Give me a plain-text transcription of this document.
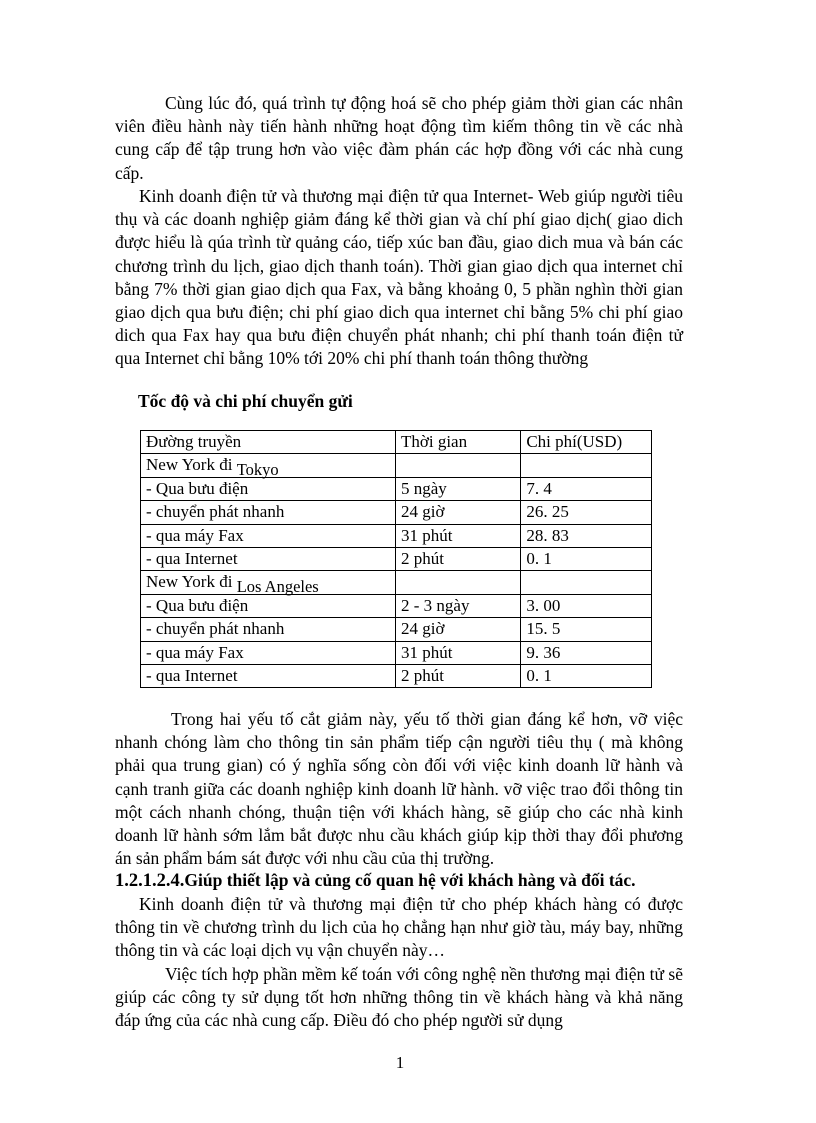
Cùng lúc đó, quá trình tự động hoá sẽ cho phép giảm thời gian các nhân viên điều hành này tiến hành những hoạt động tìm kiếm thông tin về các nhà cung cấp để tập trung hơn vào việc đàm phán các hợp đồng với các nhà cung cấp.

Kinh doanh điện tử và thương mại điện tử qua Internet- Web giúp người tiêu thụ và các doanh nghiệp giảm đáng kể thời gian và chí phí giao dịch( giao dich được hiểu là qúa trình từ quảng cáo, tiếp xúc ban đầu, giao dich mua và bán các chương trình du lịch, giao dịch thanh toán). Thời gian giao dịch qua internet chỉ bằng 7% thời gian giao dịch qua Fax, và bằng khoảng 0, 5 phần nghìn thời gian giao dịch qua bưu điện; chi phí giao dich qua internet chỉ bằng 5% chi phí giao dich qua Fax hay qua bưu điện chuyển phát nhanh; chi phí thanh toán điện tử qua Internet chỉ bằng 10% tới 20% chi phí thanh toán thông thường

Tốc độ và chi phí chuyển gửi

Đường truyền	Thời gian	Chi phí(USD)
New York đi Tokyo		
- Qua bưu điện	5 ngày	7. 4
- chuyển phát nhanh	24 giờ	26. 25
- qua máy Fax	31 phút	28. 83
- qua Internet	2 phút	0. 1
New York đi Los Angeles		
- Qua bưu điện	2 - 3 ngày	3. 00
- chuyển phát nhanh	24 giờ	15. 5
- qua máy Fax	31 phút	9. 36
- qua Internet	2 phút	0. 1

Trong hai yếu tố cắt giảm này, yếu tố thời gian đáng kể hơn, vỡ việc nhanh chóng làm cho thông tin sản phẩm tiếp cận người tiêu thụ ( mà không phải qua trung gian) có ý nghĩa sống còn đối với việc kinh doanh lữ hành và cạnh tranh giữa các doanh nghiệp kinh doanh lữ hành. vỡ việc trao đổi thông tin một cách nhanh chóng, thuận tiện với khách hàng, sẽ giúp cho các nhà kinh doanh lữ hành sớm lắm bắt được nhu cầu khách giúp kịp thời thay đổi phương án sản phẩm bám sát được với nhu cầu của thị trường.

1.2.1.2.4.Giúp thiết lập và củng cố quan hệ với khách hàng và đối tác.

Kinh doanh điện tử và thương mại điện tử cho phép khách hàng có được thông tin về chương trình du lịch của họ chẳng hạn như giờ tàu, máy bay, những thông tin và các loại dịch vụ vận chuyển này…

Việc tích hợp phần mềm kế toán với công nghệ nền thương mại điện tử sẽ giúp các công ty sử dụng tốt hơn những thông tin về khách hàng và khả năng đáp ứng của các nhà cung cấp. Điều đó cho phép người sử dụng

1
